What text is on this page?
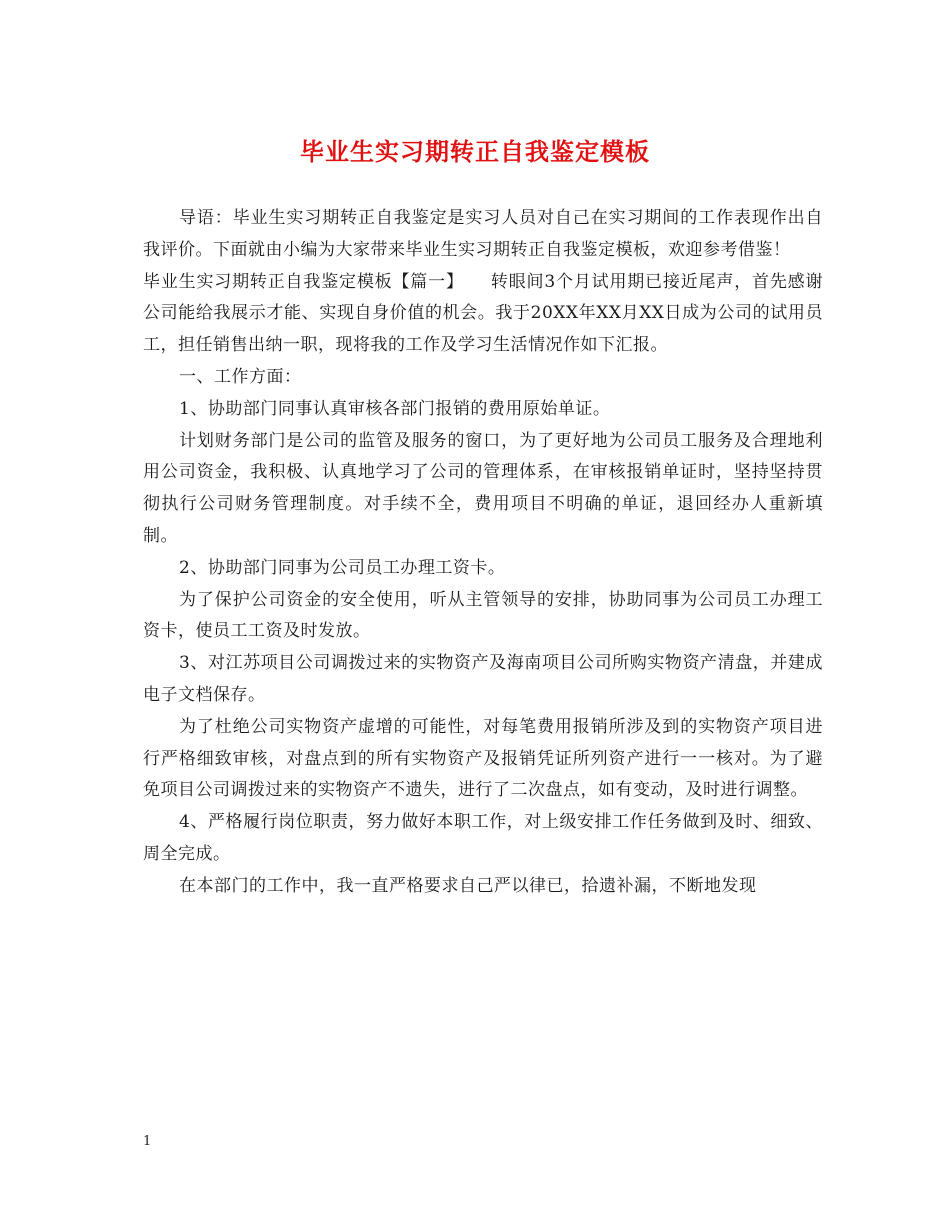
毕业生实习期转正自我鉴定模板

导语：毕业生实习期转正自我鉴定是实习人员对自己在实习期间的工作表现作出自我评价。下面就由小编为大家带来毕业生实习期转正自我鉴定模板，欢迎参考借鉴！

毕业生实习期转正自我鉴定模板【篇一】　　转眼间3个月试用期已接近尾声，首先感谢公司能给我展示才能、实现自身价值的机会。我于20XX年XX月XX日成为公司的试用员工，担任销售出纳一职，现将我的工作及学习生活情况作如下汇报。

一、工作方面：

1、协助部门同事认真审核各部门报销的费用原始单证。

计划财务部门是公司的监管及服务的窗口，为了更好地为公司员工服务及合理地利用公司资金，我积极、认真地学习了公司的管理体系，在审核报销单证时，坚持坚持贯彻执行公司财务管理制度。对手续不全，费用项目不明确的单证，退回经办人重新填制。

2、协助部门同事为公司员工办理工资卡。

为了保护公司资金的安全使用，听从主管领导的安排，协助同事为公司员工办理工资卡，使员工工资及时发放。

3、对江苏项目公司调拨过来的实物资产及海南项目公司所购实物资产清盘，并建成电子文档保存。

为了杜绝公司实物资产虚增的可能性，对每笔费用报销所涉及到的实物资产项目进行严格细致审核，对盘点到的所有实物资产及报销凭证所列资产进行一一核对。为了避免项目公司调拨过来的实物资产不遗失，进行了二次盘点，如有变动，及时进行调整。

4、严格履行岗位职责，努力做好本职工作，对上级安排工作任务做到及时、细致、周全完成。

在本部门的工作中，我一直严格要求自己严以律已，拾遗补漏，不断地发现

1
